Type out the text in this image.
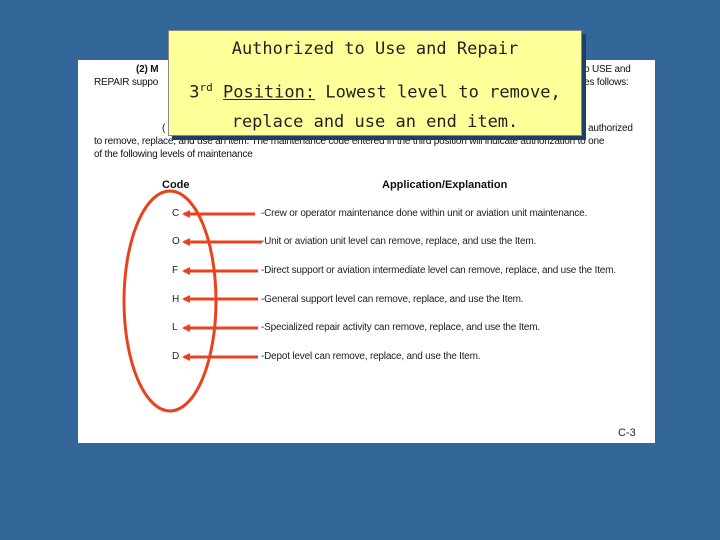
(2) M
REPAIR suppo
o USE and
es follows:
(	authorized
to remove, replace, and use an item. The maintenance code entered in the third position will indicate authorization to one
of the following levels of maintenance
Code	Application/Explanation
C	-Crew or operator maintenance done within unit or aviation unit maintenance.
O	-Unit or aviation unit level can remove, replace, and use the Item.
F	-Direct support or aviation intermediate level can remove, replace, and use the Item.
H	-General support level can remove, replace, and use the Item.
L	-Specialized repair activity can remove, replace, and use the Item.
D	-Depot level can remove, replace, and use the Item.
C-3
Authorized to Use and Repair
3rd Position: Lowest level to remove,
replace and use an end item.
